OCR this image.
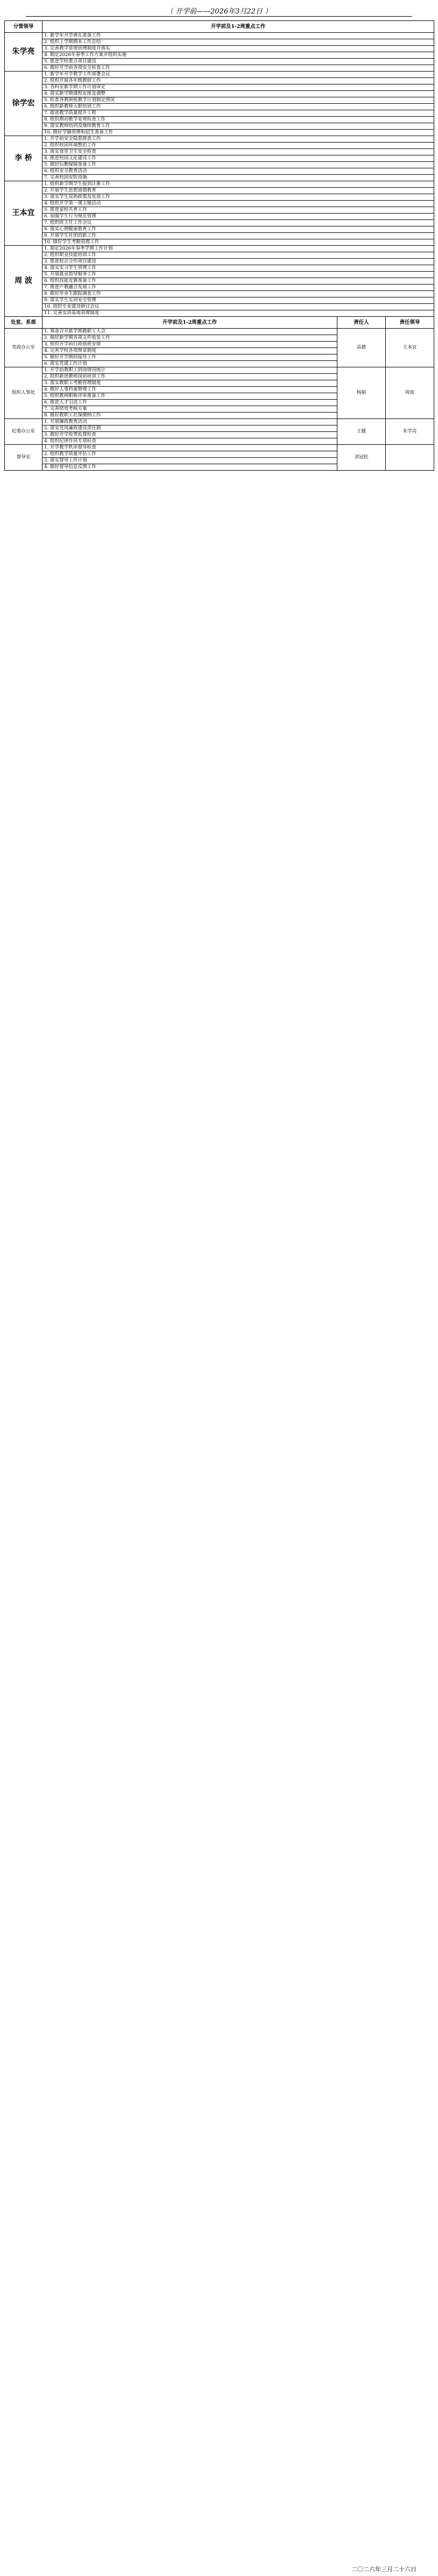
（ 开学前——2026年3月22日 ）
分管领导	开学前及1-2周重点工作		
朱学亮	1. 新学年开学典礼准备工作		
	2. 组织上学期期末工作总结		
	3. 完善教学常规管理制度并落实		
	4. 制定2026年春季工作方案并组织实施		
	5. 推进学校重点项目建设		
	6. 做好开学前各项安全检查工作		
徐学宏	1. 新学年开学教学工作部署会议		
	2. 组织开展各年级教研工作		
	3. 各科室新学期工作计划审定		
	4. 落实新学期课程安排及调整		
	5. 检查各教研组教学计划制定情况		
	6. 组织新教师入职培训工作		
	7. 推进教学质量提升工程		
	8. 组织期初教学常规检查工作		
	9. 落实教师培训及继续教育工作		
	10. 做好学籍管理和招生准备工作		
李 桥	1. 开学前安全隐患排查工作		
	2. 组织校园环境整治工作		
	3. 落实食堂卫生安全检查		
	4. 推进校园文化建设工作		
	5. 做好后勤保障准备工作		
	6. 组织安全教育活动		
	7. 完善校园安防设施		
王本宜	1. 组织新学期学生报到注册工作		
	2. 开展学生思想道德教育		
	3. 落实学生资助政策及发放工作		
	4. 组织开学第一课主题活动		
	5. 推进家校共育工作		
	6. 加强学生行为规范管理		
	7. 组织班主任工作会议		
	8. 落实心理健康教育工作		
	9. 开展学生社团招新工作		
	10. 做好学生考勤管理工作		
周 波	1. 制定2026年春季学期工作计划		
	2. 组织职业技能培训工作		
	3. 推进校企合作项目建设		
	4. 落实实习学生管理工作		
	5. 开展就业指导服务工作		
	6. 组织技能竞赛准备工作		
	7. 推进产教融合发展工作		
	8. 做好毕业生跟踪调查工作		
	9. 落实学生实训安全管理		
	10. 组织专业建设研讨会议		
	11. 完善实训基地管理制度		
处室、系部	开学前及1-2周重点工作	责任人	责任领导
党政办公室	1. 筹备召开新学期教职工大会	高德	王本宜
	2. 做好新学期各项文件收发工作		
	3. 组织开学前行政值班安排		
	4. 完善学校各项规章制度		
	5. 做好开学期间接待工作		
	6. 落实党建工作计划		
组织人事处	1. 开学前教职工到岗情况统计	杨娟	周波
	2. 组织新进教师岗前培训工作		
	3. 落实教职工考勤管理制度		
	4. 做好人事档案整理工作		
	5. 组织教师职称评审准备工作		
	6. 推进人才引进工作		
	7. 完善绩效考核方案		
	8. 做好教职工社保缴纳工作		
纪委办公室	1. 开展廉政教育活动	王健	朱学亮
	2. 落实党风廉政建设责任制		
	3. 做好开学收费监督检查		
	4. 组织纪律作风专项检查		
督导室	1. 开学教学秩序督导检查	刘冠松	
	2. 组织教学质量评估工作		
	3. 落实督导工作计划		
	4. 做好督导信息反馈工作		
二〇二六年三月二十六日
